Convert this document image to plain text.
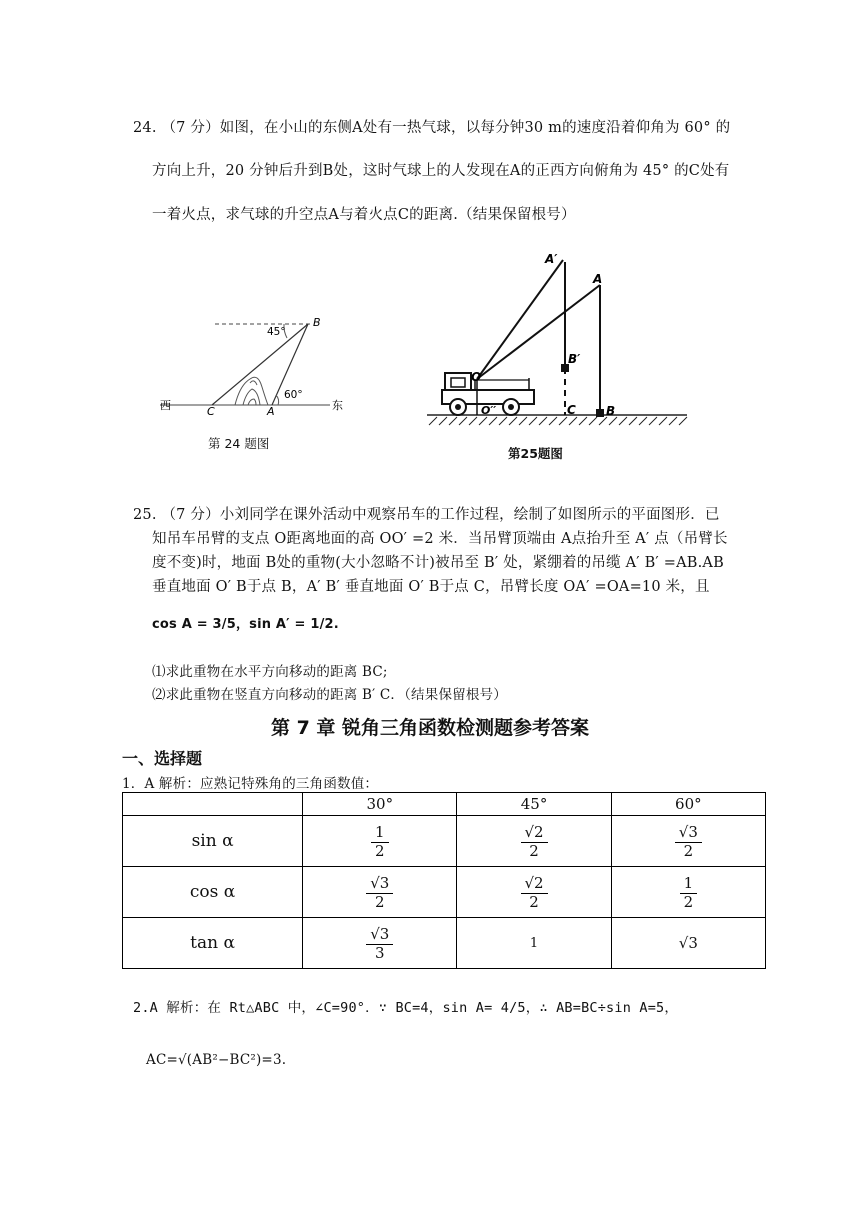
24. （7 分）如图，在小山的东侧A处有一热气球，以每分钟30 m的速度沿着仰角为 60° 的
方向上升，20 分钟后升到B处，这时气球上的人发现在A的正西方向俯角为 45° 的C处有
一着火点，求气球的升空点A与着火点C的距离.（结果保留根号）
B
45°
60°
西	东
C	A
第 24 题图
A′
A
B′
O
O′′	C	B
第25题图
25. （7 分）小刘同学在课外活动中观察吊车的工作过程，绘制了如图所示的平面图形．已
知吊车吊臂的支点 O距离地面的高 OO′ =2 米．当吊臂顶端由 A点抬升至 A′ 点（吊臂长
度不变)时，地面 B处的重物(大小忽略不计)被吊至 B′ 处，紧绷着的吊缆 A′ B′ =AB.AB
垂直地面 O′ B于点 B，A′ B′ 垂直地面 O′ B于点 C，吊臂长度 OA′ =OA=10 米，且
cos A = 3/5，sin A′ = 1/2.
⑴求此重物在水平方向移动的距离 BC;
⑵求此重物在竖直方向移动的距离 B′ C．（结果保留根号）
第 7 章 锐角三角函数检测题参考答案
一、选择题
1．A 解析：应熟记特殊角的三角函数值：
	30°	45°	60°
sin α	$\frac{1}{2}$	$\frac{√2}{2}$	$\frac{√3}{2}$

cos α	$\frac{√3}{2}$	$\frac{√2}{2}$	$\frac{1}{2}$

tan α	$\frac{√3}{3}$	1	√3
2.A 解析：在 Rt△ABC 中，∠C=90°．∵ BC=4，sin A= 4/5，∴ AB=BC÷sin A=5，
AC=√(AB²−BC²)=3.
